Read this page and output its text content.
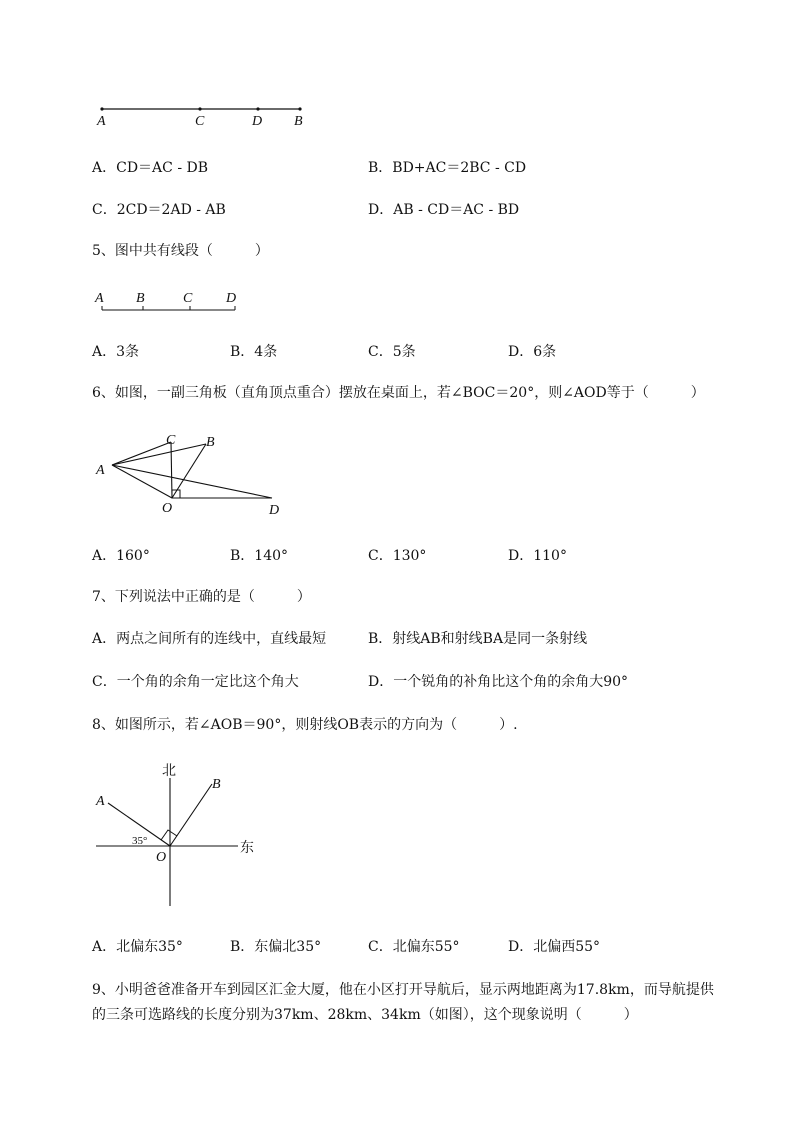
A	C	D B
A．CD＝AC - DB	B．BD+AC＝2BC - CD
C．2CD＝2AD - AB	D．AB - CD＝AC - BD
5、图中共有线段（　　　）
A B	C D
A．3条	B．4条	C．5条	D．6条
6、如图，一副三角板（直角顶点重合）摆放在桌面上，若∠BOC＝20°，则∠AOD等于（　　　）
C B
A
O	D
A．160°	B．140°	C．130°	D．110°
7、下列说法中正确的是（　　　）
A．两点之间所有的连线中，直线最短	B．射线AB和射线BA是同一条射线
C．一个角的余角一定比这个角大	D．一个锐角的补角比这个角的余角大90°
8、如图所示，若∠AOB＝90°，则射线OB表示的方向为（　　　）.
北
东
A
B
O
35°
A．北偏东35°	B．东偏北35°	C．北偏东55°	D．北偏西55°
9、小明爸爸准备开车到园区汇金大厦，他在小区打开导航后，显示两地距离为17.8km，而导航提供
的三条可选路线的长度分别为37km、28km、34km（如图），这个现象说明（　　　）
